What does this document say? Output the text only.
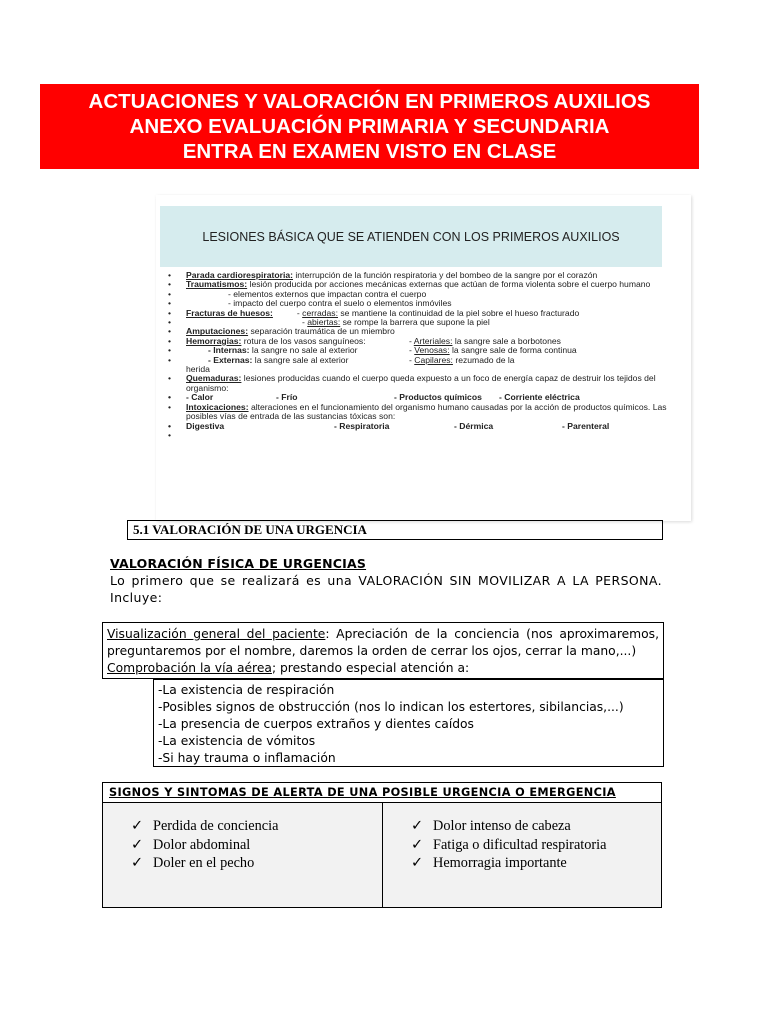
ACTUACIONES Y VALORACIÓN EN PRIMEROS AUXILIOS
ANEXO EVALUACIÓN PRIMARIA Y SECUNDARIA
ENTRA EN EXAMEN VISTO EN CLASE
LESIONES BÁSICA QUE SE ATIENDEN CON LOS PRIMEROS AUXILIOS
• Parada cardiorespiratoria: interrupción de la función respiratoria y del bombeo de la sangre por el corazón
• Traumatismos: lesión producida por acciones mecánicas externas que actúan de forma violenta sobre el cuerpo humano
• - elementos externos que impactan contra el cuerpo
• - impacto del cuerpo contra el suelo o elementos inmóviles
• Fracturas de huesos:	- cerradas: se mantiene la continuidad de la piel sobre el hueso fracturado
• - abiertas: se rompe la barrera que supone la piel
• Amputaciones: separación traumática de un miembro
• Hemorragias: rotura de los vasos sanguíneos:	- Arteriales: la sangre sale a borbotones
• - Internas: la sangre no sale al exterior	- Venosas: la sangre sale de forma continua
• - Externas: la sangre sale al exterior	- Capilares: rezumado de la
herida
• Quemaduras: lesiones producidas cuando el cuerpo queda expuesto a un foco de energía capaz de destruir los tejidos del organismo:
• - Calor	- Frío	- Productos químicos - Corriente eléctrica
• Intoxicaciones: alteraciones en el funcionamiento del organismo humano causadas por la acción de productos químicos. Las posibles vías de entrada de las sustancias tóxicas son:
• Digestiva	- Respiratoria	- Dérmica	- Parenteral
5.1 VALORACIÓN DE UNA URGENCIA
VALORACIÓN FÍSICA DE URGENCIAS
Lo primero que se realizará es una VALORACIÓN SIN MOVILIZAR A LA PERSONA.
Incluye:
Visualización general del paciente: Apreciación de la conciencia (nos aproximaremos,
preguntaremos por el nombre, daremos la orden de cerrar los ojos, cerrar la mano,...)
Comprobación la vía aérea; prestando especial atención a:
-La existencia de respiración
-Posibles signos de obstrucción (nos lo indican los estertores, sibilancias,...)
-La presencia de cuerpos extraños y dientes caídos
-La existencia de vómitos
-Si hay trauma o inflamación
SIGNOS Y SINTOMAS DE ALERTA DE UNA POSIBLE URGENCIA O EMERGENCIA
✓ Perdida de conciencia
✓ Dolor abdominal
✓ Doler en el pecho
✓ Dolor intenso de cabeza
✓ Fatiga o dificultad respiratoria
✓ Hemorragia importante
